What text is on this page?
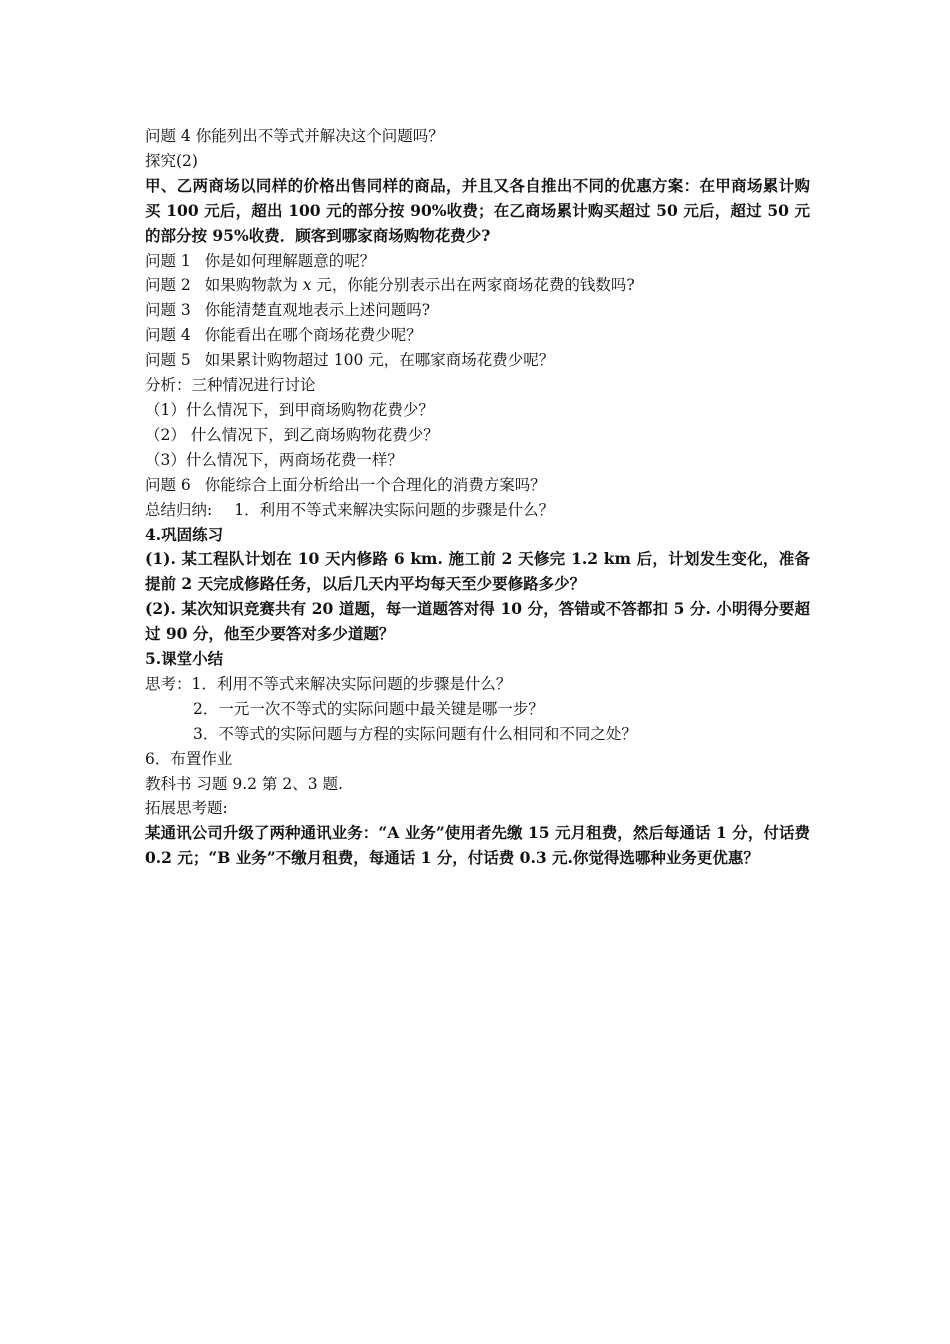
问题 4 你能列出不等式并解决这个问题吗？

探究(2)

甲、乙两商场以同样的价格出售同样的商品，并且又各自推出不同的优惠方案：在甲商场累计购买 100 元后，超出 100 元的部分按 90%收费；在乙商场累计购买超过 50 元后，超过 50 元的部分按 95%收费．顾客到哪家商场购物花费少?

问题 1 你是如何理解题意的呢？

问题 2 如果购物款为 x 元，你能分别表示出在两家商场花费的钱数吗?

问题 3 你能清楚直观地表示上述问题吗?

问题 4 你能看出在哪个商场花费少呢？

问题 5 如果累计购物超过 100 元，在哪家商场花费少呢？

分析：三种情况进行讨论

（1）什么情况下，到甲商场购物花费少？

（2） 什么情况下，到乙商场购物花费少？

（3）什么情况下，两商场花费一样？

问题 6 你能综合上面分析给出一个合理化的消费方案吗？

总结归纳: 1．利用不等式来解决实际问题的步骤是什么？

4.巩固练习

(1). 某工程队计划在 10 天内修路 6 km. 施工前 2 天修完 1.2 km 后，计划发生变化，准备提前 2 天完成修路任务，以后几天内平均每天至少要修路多少？

(2). 某次知识竞赛共有 20 道题，每一道题答对得 10 分，答错或不答都扣 5 分. 小明得分要超过 90 分，他至少要答对多少道题？

5.课堂小结

思考：1．利用不等式来解决实际问题的步骤是什么？

2．一元一次不等式的实际问题中最关键是哪一步？

3．不等式的实际问题与方程的实际问题有什么相同和不同之处？

6．布置作业

教科书 习题 9.2 第 2、3 题.

拓展思考题:

某通讯公司升级了两种通讯业务：“A 业务”使用者先缴 15 元月租费，然后每通话 1 分，付话费 0.2 元；“B 业务”不缴月租费，每通话 1 分，付话费 0.3 元.你觉得选哪种业务更优惠？
